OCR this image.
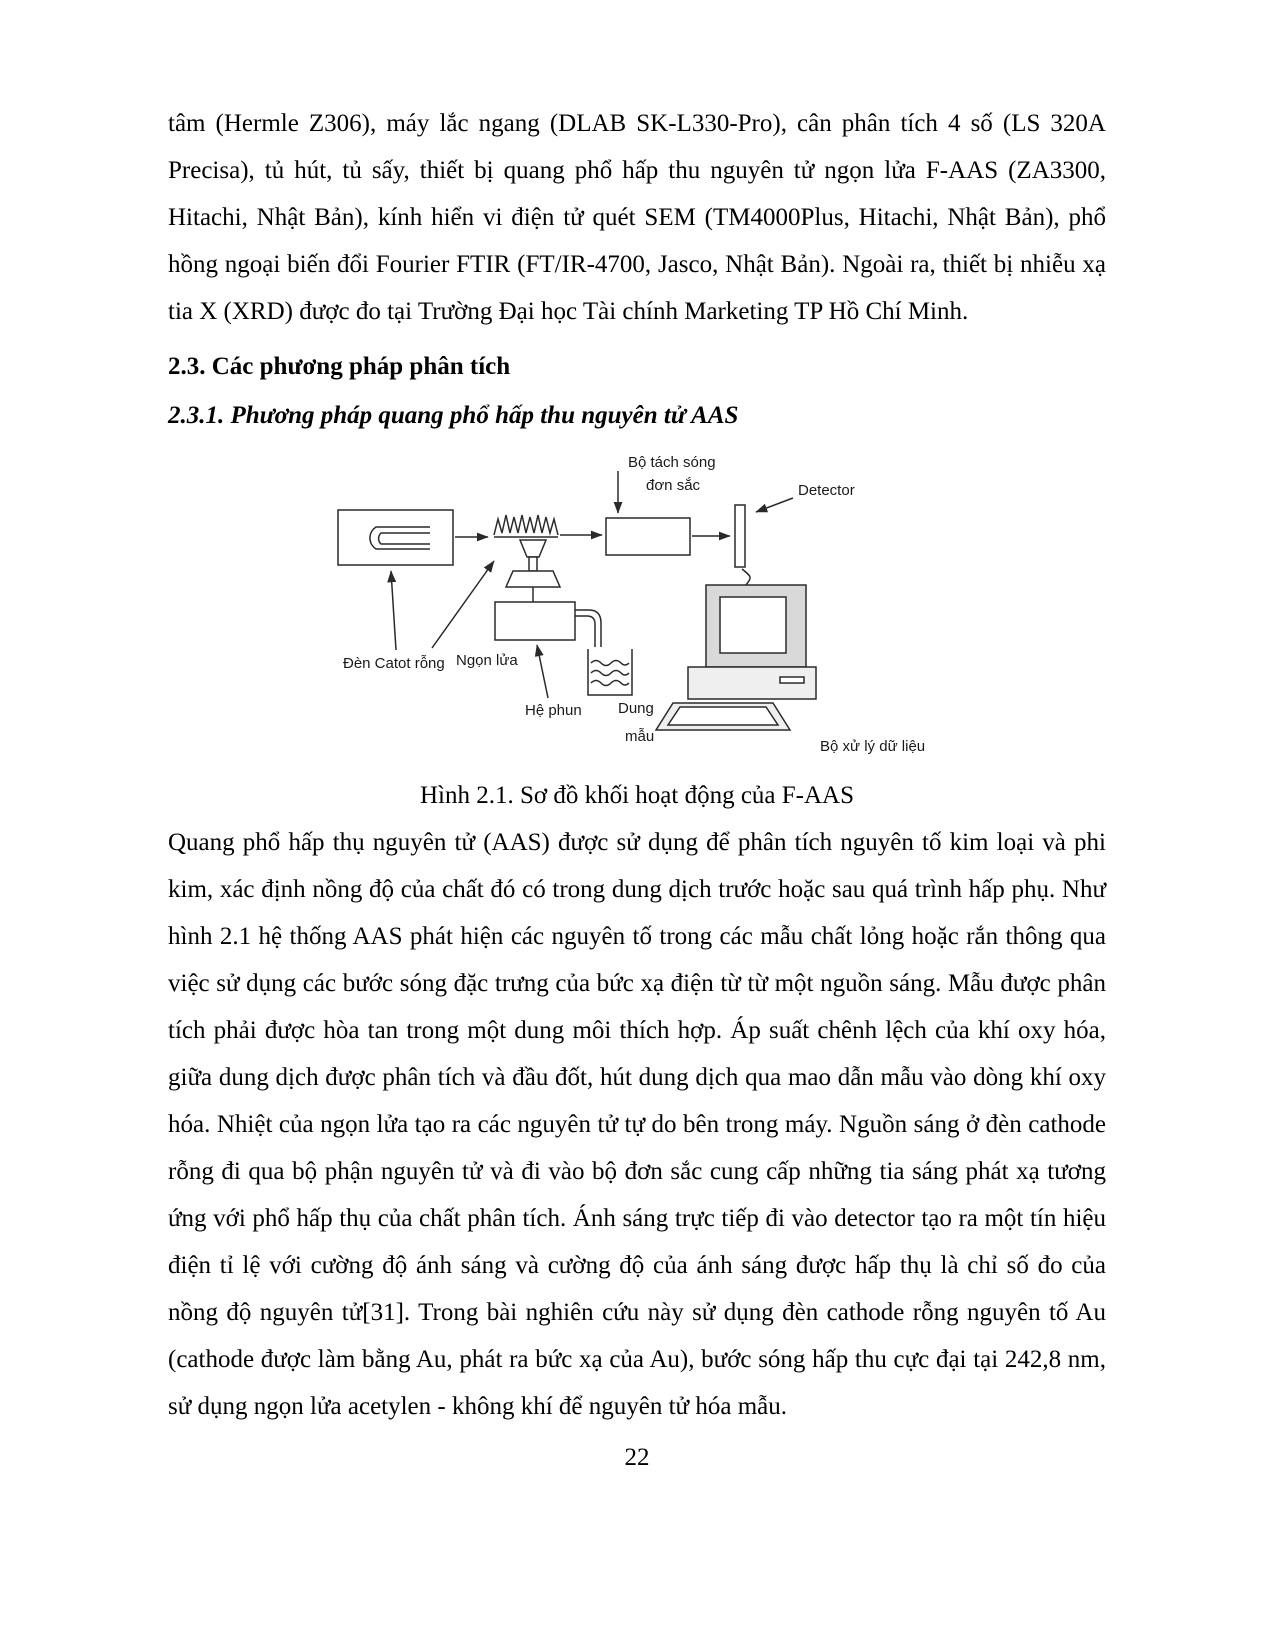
tâm (Hermle Z306), máy lắc ngang (DLAB SK-L330-Pro), cân phân tích 4 số (LS 320A Precisa), tủ hút, tủ sấy, thiết bị quang phổ hấp thu nguyên tử ngọn lửa F-AAS (ZA3300, Hitachi, Nhật Bản), kính hiển vi điện tử quét SEM (TM4000Plus, Hitachi, Nhật Bản), phổ hồng ngoại biến đổi Fourier FTIR (FT/IR-4700, Jasco, Nhật Bản). Ngoài ra, thiết bị nhiễu xạ tia X (XRD) được đo tại Trường Đại học Tài chính Marketing TP Hồ Chí Minh.

2.3. Các phương pháp phân tích
2.3.1. Phương pháp quang phổ hấp thu nguyên tử AAS
Bộ tách sóng
đơn sắc	Detector
Đèn Catot rỗng Ngọn lửa
Hệ phun Dung
mẫu
Bộ xử lý dữ liệu

Hình 2.1. Sơ đồ khối hoạt động của F-AAS

Quang phổ hấp thụ nguyên tử (AAS) được sử dụng để phân tích nguyên tố kim loại và phi kim, xác định nồng độ của chất đó có trong dung dịch trước hoặc sau quá trình hấp phụ. Như hình 2.1 hệ thống AAS phát hiện các nguyên tố trong các mẫu chất lỏng hoặc rắn thông qua việc sử dụng các bước sóng đặc trưng của bức xạ điện từ từ một nguồn sáng. Mẫu được phân tích phải được hòa tan trong một dung môi thích hợp. Áp suất chênh lệch của khí oxy hóa, giữa dung dịch được phân tích và đầu đốt, hút dung dịch qua mao dẫn mẫu vào dòng khí oxy hóa. Nhiệt của ngọn lửa tạo ra các nguyên tử tự do bên trong máy. Nguồn sáng ở đèn cathode rỗng đi qua bộ phận nguyên tử và đi vào bộ đơn sắc cung cấp những tia sáng phát xạ tương ứng với phổ hấp thụ của chất phân tích. Ánh sáng trực tiếp đi vào detector tạo ra một tín hiệu điện tỉ lệ với cường độ ánh sáng và cường độ của ánh sáng được hấp thụ là chỉ số đo của nồng độ nguyên tử[31]. Trong bài nghiên cứu này sử dụng đèn cathode rỗng nguyên tố Au (cathode được làm bằng Au, phát ra bức xạ của Au), bước sóng hấp thu cực đại tại 242,8 nm, sử dụng ngọn lửa acetylen - không khí để nguyên tử hóa mẫu.

22
